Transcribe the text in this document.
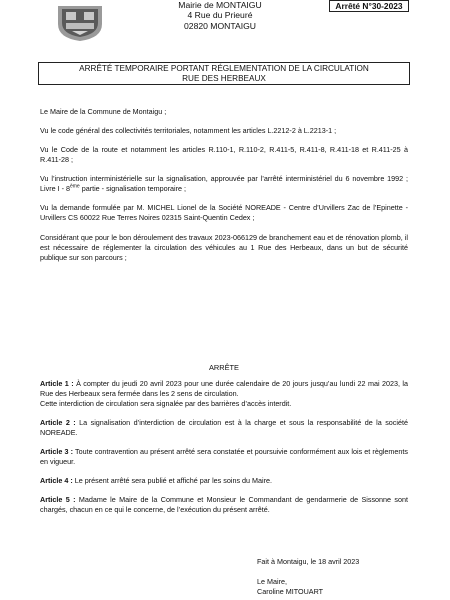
Mairie de MONTAIGU
4 Rue du Prieuré
02820 MONTAIGU
Arrêté N°30-2023
ARRÊTÉ TEMPORAIRE PORTANT RÉGLEMENTATION DE LA CIRCULATION
RUE DES HERBEAUX
Le Maire de la Commune de Montaigu ;
Vu le code général des collectivités territoriales, notamment les articles L.2212-2 à L.2213-1 ;
Vu le Code de la route et notamment les articles R.110-1, R.110-2, R.411-5, R.411-8, R.411-18 et R.411-25 à R.411-28 ;
Vu l’instruction interministérielle sur la signalisation, approuvée par l’arrêté interministériel du 6 novembre 1992 ; Livre I - 8ème partie - signalisation temporaire ;
Vu la demande formulée par M. MICHEL Lionel de la Société NOREADE - Centre d’Urvillers Zac de l’Epinette - Urvillers CS 60022 Rue Terres Noires 02315 Saint-Quentin Cedex ;
Considérant que pour le bon déroulement des travaux 2023-066129 de branchement eau et de rénovation plomb, il est nécessaire de réglementer la circulation des véhicules au 1 Rue des Herbeaux, dans un but de sécurité publique sur son parcours ;
ARRÊTE
Article 1 : À compter du jeudi 20 avril 2023 pour une durée calendaire de 20 jours jusqu’au lundi 22 mai 2023, la Rue des Herbeaux sera fermée dans les 2 sens de circulation.
Cette interdiction de circulation sera signalée par des barrières d’accès interdit.
Article 2 : La signalisation d’interdiction de circulation est à la charge et sous la responsabilité de la société NOREADE.
Article 3 : Toute contravention au présent arrêté sera constatée et poursuivie conformément aux lois et règlements en vigueur.
Article 4 : Le présent arrêté sera publié et affiché par les soins du Maire.
Article 5 : Madame le Maire de la Commune et Monsieur le Commandant de gendarmerie de Sissonne sont chargés, chacun en ce qui le concerne, de l’exécution du présent arrêté.
Fait à Montaigu, le 18 avril 2023
Le Maire,
Caroline MITOUART
